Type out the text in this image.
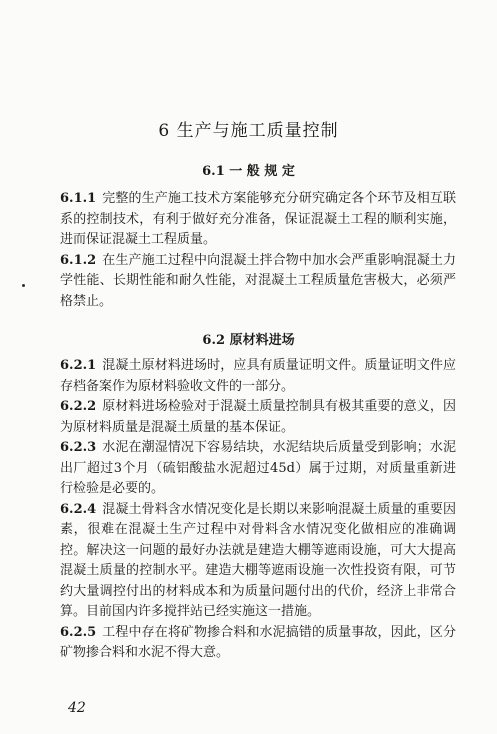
6 生产与施工质量控制
6.1 一 般 规 定

6.1.1 完整的生产施工技术方案能够充分研究确定各个环节及相互联系的控制技术，有利于做好充分准备，保证混凝土工程的顺利实施，进而保证混凝土工程质量。

6.1.2 在生产施工过程中向混凝土拌合物中加水会严重影响混凝土力学性能、长期性能和耐久性能，对混凝土工程质量危害极大，必须严格禁止。

6.2 原材料进场

6.2.1 混凝土原材料进场时，应具有质量证明文件。质量证明文件应存档备案作为原材料验收文件的一部分。

6.2.2 原材料进场检验对于混凝土质量控制具有极其重要的意义，因为原材料质量是混凝土质量的基本保证。

6.2.3 水泥在潮湿情况下容易结块，水泥结块后质量受到影响；水泥出厂超过3个月（硫铝酸盐水泥超过45d）属于过期，对质量重新进行检验是必要的。

6.2.4 混凝土骨料含水情况变化是长期以来影响混凝土质量的重要因素，很难在混凝土生产过程中对骨料含水情况变化做相应的准确调控。解决这一问题的最好办法就是建造大棚等遮雨设施，可大大提高混凝土质量的控制水平。建造大棚等遮雨设施一次性投资有限，可节约大量调控付出的材料成本和为质量问题付出的代价，经济上非常合算。目前国内许多搅拌站已经实施这一措施。

6.2.5 工程中存在将矿物掺合料和水泥搞错的质量事故，因此，区分矿物掺合料和水泥不得大意。

42
